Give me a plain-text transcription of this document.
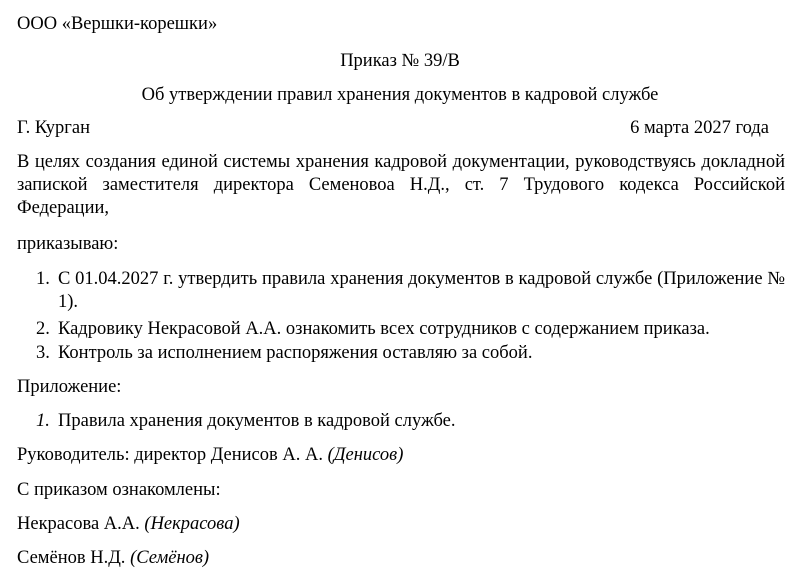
ООО «Вершки-корешки»
Приказ № 39/В
Об утверждении правил хранения документов в кадровой службе
Г. Курган	6 марта 2027 года
В целях создания единой системы хранения кадровой документации, руководствуясь докладной запиской заместителя директора Семеновоа Н.Д., ст. 7 Трудового кодекса Российской Федерации,
приказываю:
1. С 01.04.2027 г. утвердить правила хранения документов в кадровой службе (Приложение № 1).
2. Кадровику Некрасовой А.А. ознакомить всех сотрудников с содержанием приказа.
3. Контроль за исполнением распоряжения оставляю за собой.
Приложение:
1. Правила хранения документов в кадровой службе.
Руководитель: директор Денисов А. А. (Денисов)
С приказом ознакомлены:
Некрасова А.А. (Некрасова)
Семёнов Н.Д. (Семёнов)
